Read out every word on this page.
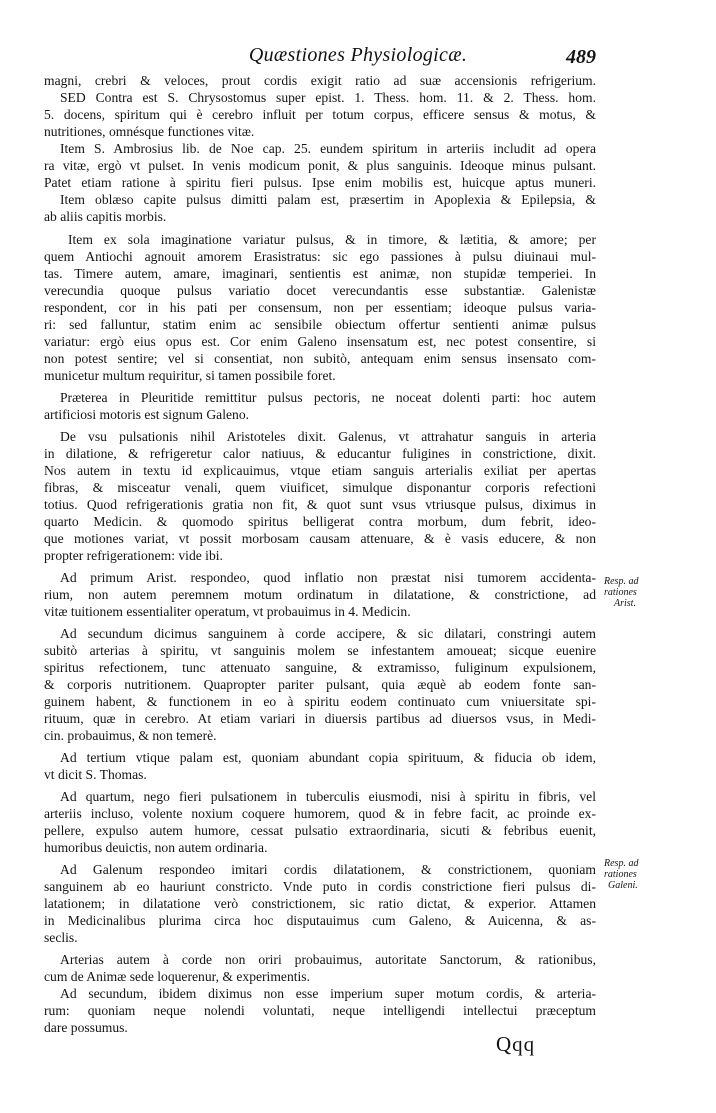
Quæstiones Physiologicæ.	489
magni, crebri & veloces, prout cordis exigit ratio ad suæ accensionis refrigerium.
SED Contra est S. Chrysostomus super epist. 1. Thess. hom. 11. & 2. Thess. hom.
5. docens, spiritum qui è cerebro influit per totum corpus, efficere sensus & motus, &
nutritiones, omnésque functiones vitæ.
Item S. Ambrosius lib. de Noe cap. 25. eundem spiritum in arteriis includit ad opera
ra vitæ, ergò vt pulset. In venis modicum ponit, & plus sanguinis. Ideoque minus pulsant.
Patet etiam ratione à spiritu fieri pulsus. Ipse enim mobilis est, huicque aptus muneri.
Item oblæso capite pulsus dimitti palam est, præsertim in Apoplexia & Epilepsia, &
ab aliis capitis morbis.
Item ex sola imaginatione variatur pulsus, & in timore, & lætitia, & amore; per
quem Antiochi agnouit amorem Erasistratus: sic ego passiones à pulsu diuinaui mul-
tas. Timere autem, amare, imaginari, sentientis est animæ, non stupidæ temperiei. In
verecundia quoque pulsus variatio docet verecundantis esse substantiæ. Galenistæ
respondent, cor in his pati per consensum, non per essentiam; ideoque pulsus varia-
ri: sed falluntur, statim enim ac sensibile obiectum offertur sentienti animæ pulsus
variatur: ergò eius opus est. Cor enim Galeno insensatum est, nec potest consentire, si
non potest sentire; vel si consentiat, non subitò, antequam enim sensus insensato com-
municetur multum requiritur, si tamen possibile foret.
Præterea in Pleuritide remittitur pulsus pectoris, ne noceat dolenti parti: hoc autem
artificiosi motoris est signum Galeno.
De vsu pulsationis nihil Aristoteles dixit. Galenus, vt attrahatur sanguis in arteria
in dilatione, & refrigeretur calor natiuus, & educantur fuligines in constrictione, dixit.
Nos autem in textu id explicauimus, vtque etiam sanguis arterialis exiliat per apertas
fibras, & misceatur venali, quem viuificet, simulque disponantur corporis refectioni
totius. Quod refrigerationis gratia non fit, & quot sunt vsus vtriusque pulsus, diximus in
quarto Medicin. & quomodo spiritus belligerat contra morbum, dum febrit, ideo-
que motiones variat, vt possit morbosam causam attenuare, & è vasis educere, & non
propter refrigerationem: vide ibi.
Ad primum Arist. respondeo, quod inflatio non præstat nisi tumorem accidenta-
rium, non autem peremnem motum ordinatum in dilatatione, & constrictione, ad
vitæ tuitionem essentialiter operatum, vt probauimus in 4. Medicin.
Ad secundum dicimus sanguinem à corde accipere, & sic dilatari, constringi autem
subitò arterias à spiritu, vt sanguinis molem se infestantem amoueat; sicque euenire
spiritus refectionem, tunc attenuato sanguine, & extramisso, fuliginum expulsionem,
& corporis nutritionem. Quapropter pariter pulsant, quia æquè ab eodem fonte san-
guinem habent, & functionem in eo à spiritu eodem continuato cum vniuersitate spi-
rituum, quæ in cerebro. At etiam variari in diuersis partibus ad diuersos vsus, in Medi-
cin. probauimus, & non temerè.
Ad tertium vtique palam est, quoniam abundant copia spirituum, & fiducia ob idem,
vt dicit S. Thomas.
Ad quartum, nego fieri pulsationem in tuberculis eiusmodi, nisi à spiritu in fibris, vel
arteriis incluso, volente noxium coquere humorem, quod & in febre facit, ac proinde ex-
pellere, expulso autem humore, cessat pulsatio extraordinaria, sicuti & febribus euenit,
humoribus deuictis, non autem ordinaria.
Ad Galenum respondeo imitari cordis dilatationem, & constrictionem, quoniam
sanguinem ab eo hauriunt constricto. Vnde puto in cordis constrictione fieri pulsus di-
latationem; in dilatatione verò constrictionem, sic ratio dictat, & experior. Attamen
in Medicinalibus plurima circa hoc disputauimus cum Galeno, & Auicenna, & as-
seclis.
Arterias autem à corde non oriri probauimus, autoritate Sanctorum, & rationibus,
cum de Animæ sede loquerenur, & experimentis.
Ad secundum, ibidem diximus non esse imperium super motum cordis, & arteria-
rum: quoniam neque nolendi voluntati, neque intelligendi intellectui præceptum
dare possumus.
Resp. ad
rationes
Arist.
Resp. ad
rationes
Galeni.
Qqq
